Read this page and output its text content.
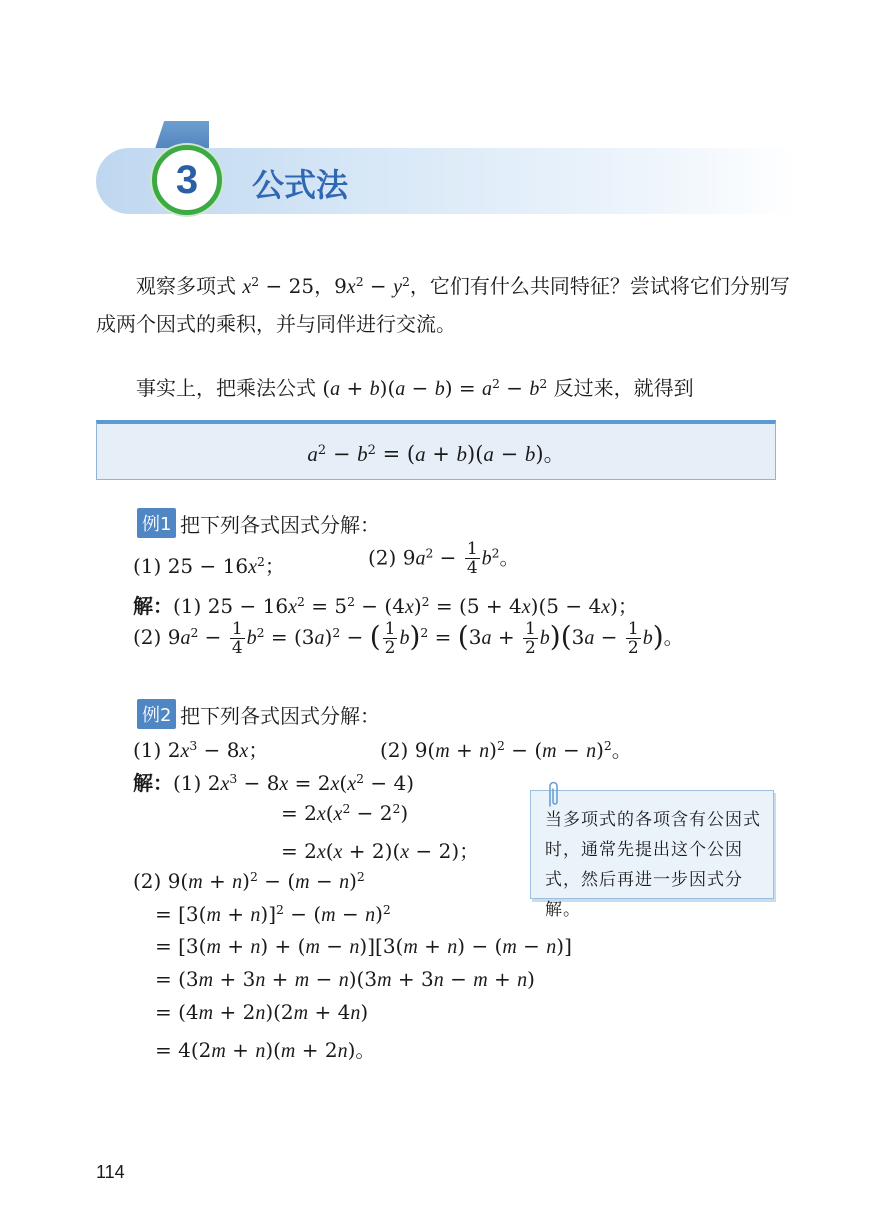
3 公式法
观察多项式 $x^2 - 25$，$9x^2 - y^2$，它们有什么共同特征？尝试将它们分别写
成两个因式的乘积，并与同伴进行交流。
事实上，把乘法公式 $(a + b)(a - b) = a^2 - b^2$ 反过来，就得到
$a^2 - b^2 = (a + b)(a - b)$。
例1 把下列各式因式分解：
(1) $25 - 16x^2$；	(2) $9a^2 - \frac{1}{4} b^2$。
解：(1) $25 - 16x^2 = 5^2 - (4x)^2 = (5 + 4x)(5 - 4x)$；
(2) $9a^2 - \frac{1}{4} b^2 = (3a)^2$ − ( $\frac{1}{2} b)^2 = (3a + \frac{1}{2} b)(3a - \frac{1}{2} b)$。
例2 把下列各式因式分解：
(1) $2x^3 - 8x$；	(2) $9(m + n)^2 - (m - n)^2$。
解：(1) $2x^3 - 8x = 2x(x^2 - 4)$
= $2x(x^2 - 2^2)$
= 2x(x + 2)(x − 2)；
(2) $9(m + n)^2 - (m - n)^2$
= $[3(m + n)]^2 - (m - n)^2$
= [3(m + n) + (m − n)][3(m + n) − (m − n)]
= (3m + 3n + m − n)(3m + 3n − m + n)
= (4m + 2n)(2m + 4n)
= 4(2m + n)(m + 2n)。
当多项式的各项含有公因式时，通常先提出这个公因式，然后再进一步因式分解。
114
